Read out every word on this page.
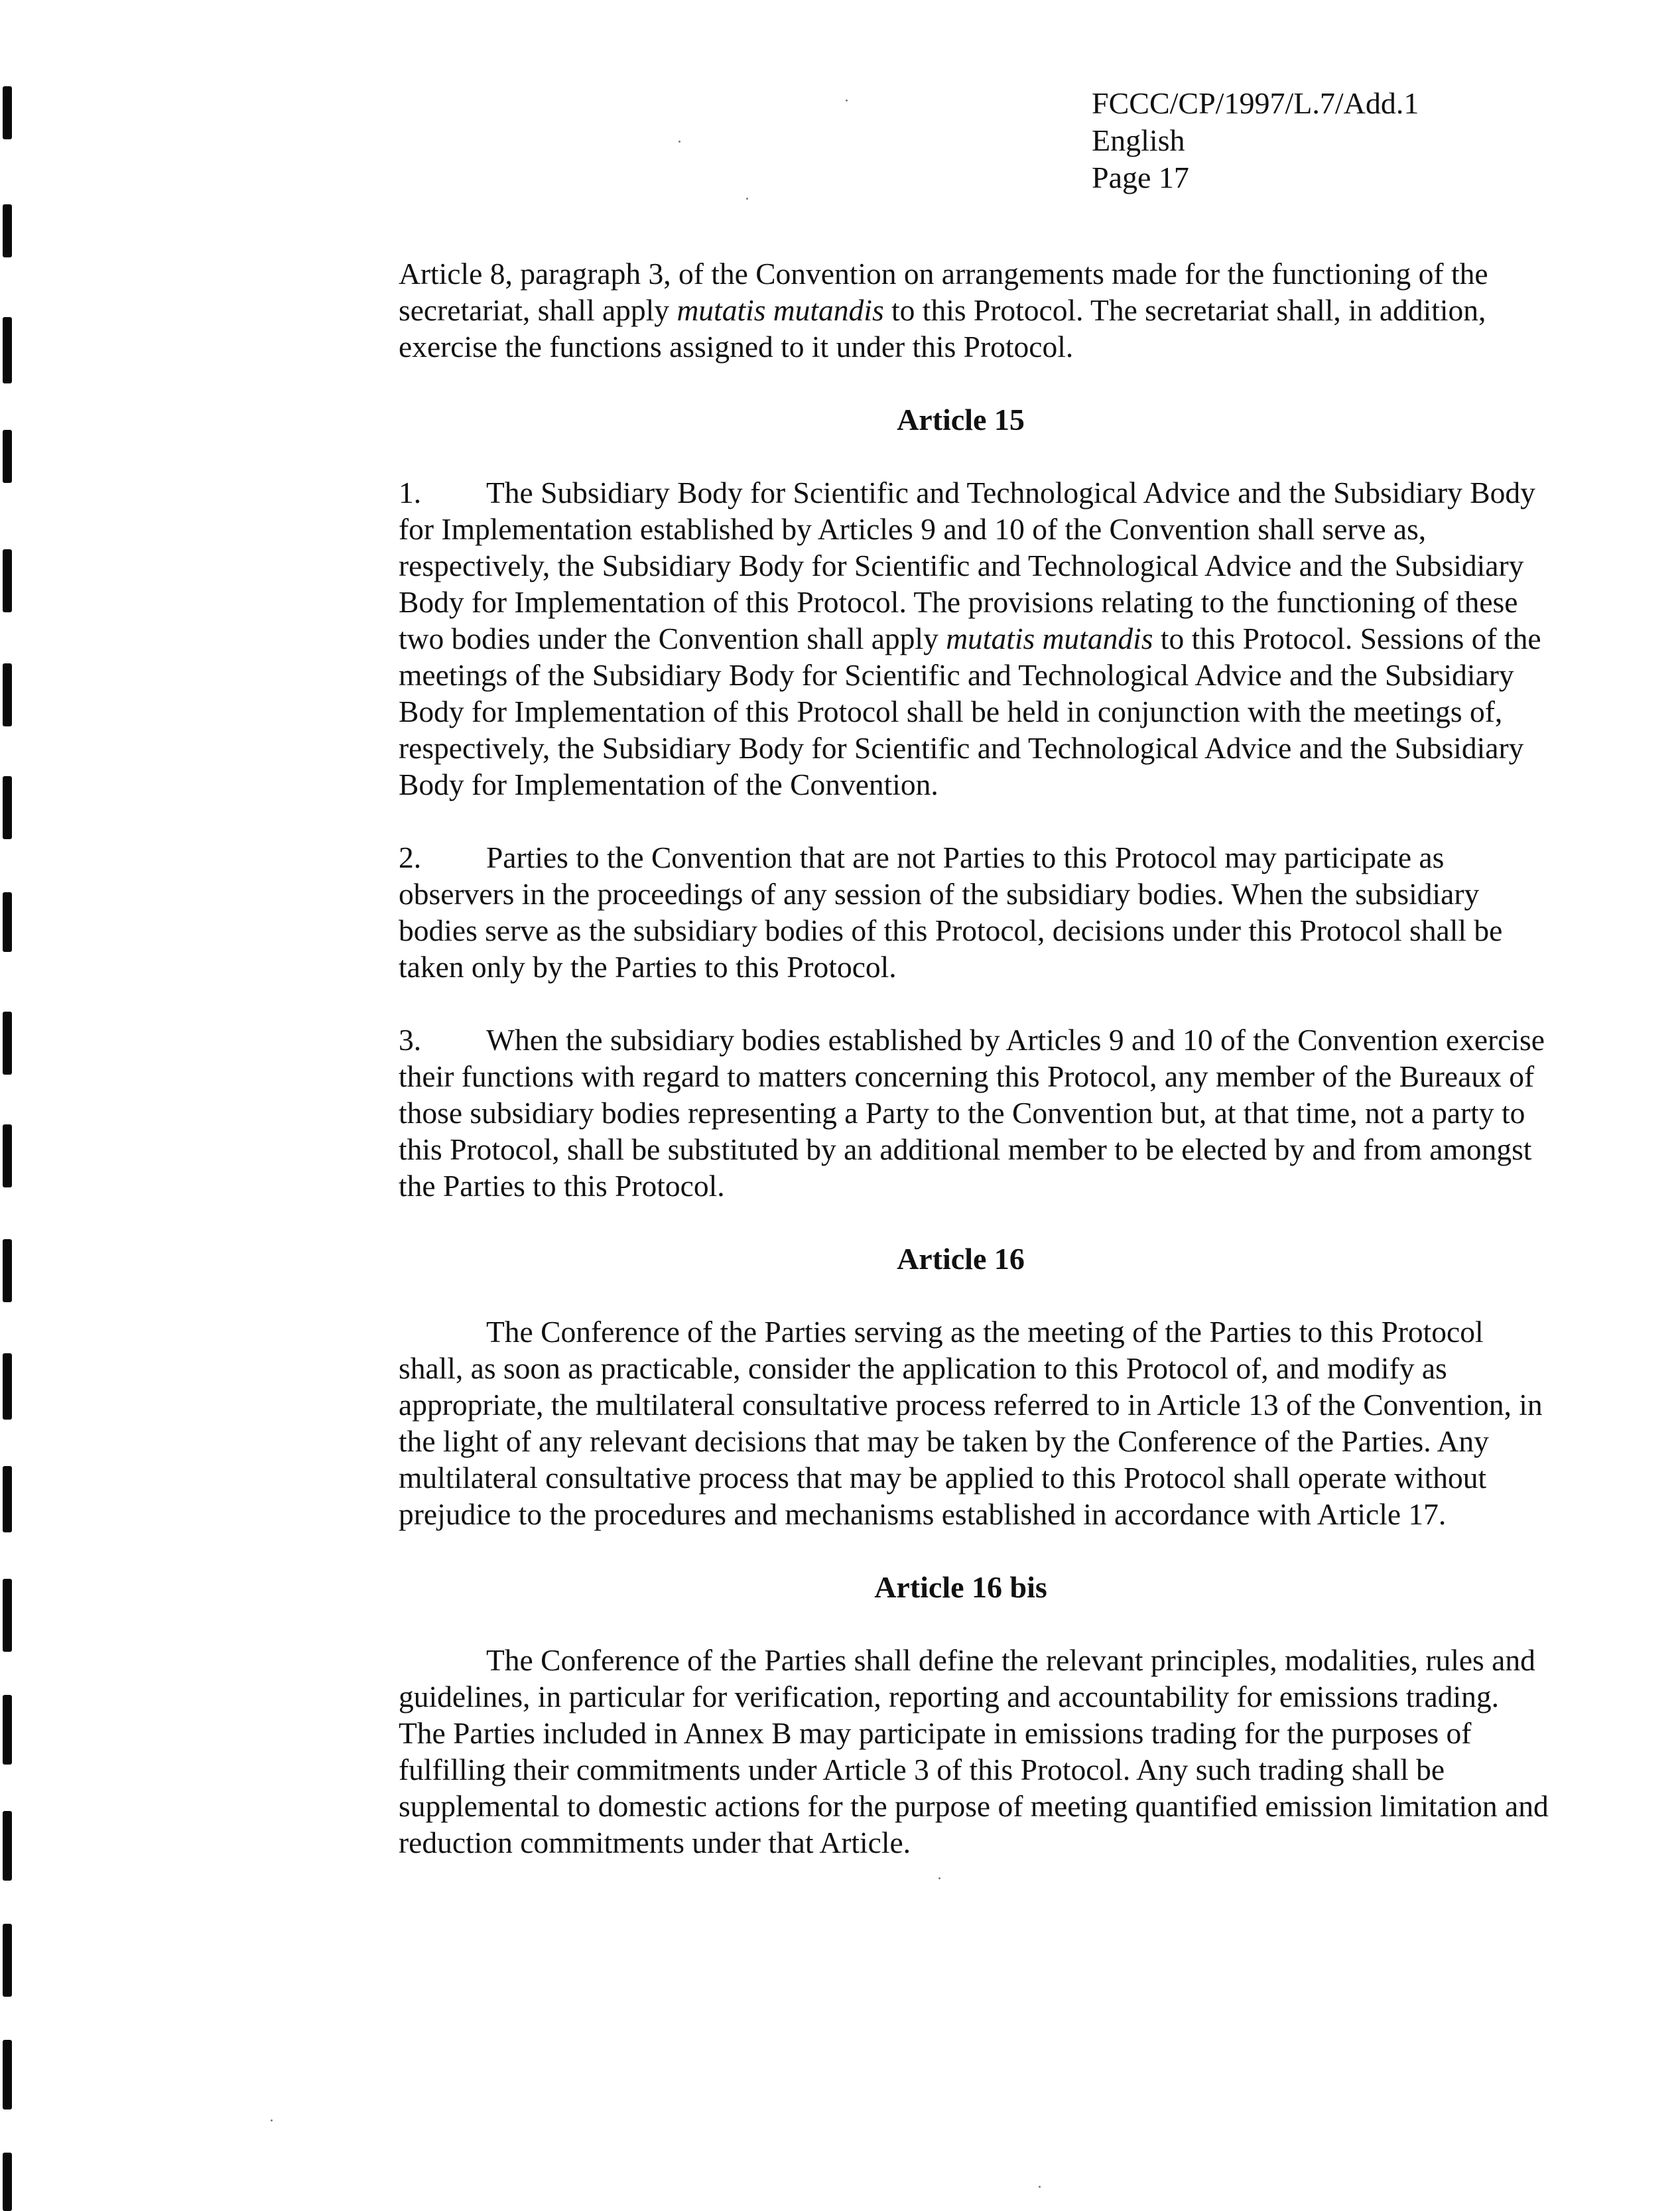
FCCC/CP/1997/L.7/Add.1
English
Page 17

Article 8, paragraph 3, of the Convention on arrangements made for the functioning of the secretariat, shall apply mutatis mutandis to this Protocol. The secretariat shall, in addition, exercise the functions assigned to it under this Protocol.

Article 15

1. The Subsidiary Body for Scientific and Technological Advice and the Subsidiary Body for Implementation established by Articles 9 and 10 of the Convention shall serve as, respectively, the Subsidiary Body for Scientific and Technological Advice and the Subsidiary Body for Implementation of this Protocol. The provisions relating to the functioning of these two bodies under the Convention shall apply mutatis mutandis to this Protocol. Sessions of the meetings of the Subsidiary Body for Scientific and Technological Advice and the Subsidiary Body for Implementation of this Protocol shall be held in conjunction with the meetings of, respectively, the Subsidiary Body for Scientific and Technological Advice and the Subsidiary Body for Implementation of the Convention.

2. Parties to the Convention that are not Parties to this Protocol may participate as observers in the proceedings of any session of the subsidiary bodies. When the subsidiary bodies serve as the subsidiary bodies of this Protocol, decisions under this Protocol shall be taken only by the Parties to this Protocol.

3. When the subsidiary bodies established by Articles 9 and 10 of the Convention exercise their functions with regard to matters concerning this Protocol, any member of the Bureaux of those subsidiary bodies representing a Party to the Convention but, at that time, not a party to this Protocol, shall be substituted by an additional member to be elected by and from amongst the Parties to this Protocol.

Article 16

The Conference of the Parties serving as the meeting of the Parties to this Protocol shall, as soon as practicable, consider the application to this Protocol of, and modify as appropriate, the multilateral consultative process referred to in Article 13 of the Convention, in the light of any relevant decisions that may be taken by the Conference of the Parties. Any multilateral consultative process that may be applied to this Protocol shall operate without prejudice to the procedures and mechanisms established in accordance with Article 17.

Article 16 bis

The Conference of the Parties shall define the relevant principles, modalities, rules and guidelines, in particular for verification, reporting and accountability for emissions trading. The Parties included in Annex B may participate in emissions trading for the purposes of fulfilling their commitments under Article 3 of this Protocol. Any such trading shall be supplemental to domestic actions for the purpose of meeting quantified emission limitation and reduction commitments under that Article.
